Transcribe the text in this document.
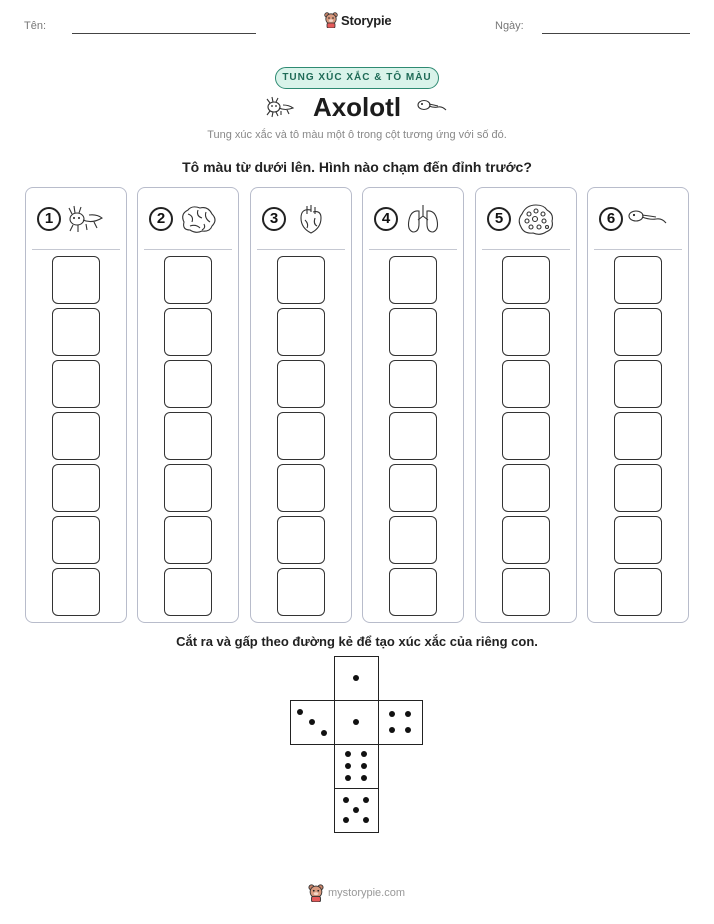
Tên:	Ngày:
Storypie
TUNG XÚC XẮC & TÔ MÀU
Axolotl
Tung xúc xắc và tô màu một ô trong cột tương ứng với số đó.
Tô màu từ dưới lên. Hình nào chạm đến đỉnh trước?
1	2	3	4	5	6
Cắt ra và gấp theo đường kẻ để tạo xúc xắc của riêng con.
mystorypie.com
